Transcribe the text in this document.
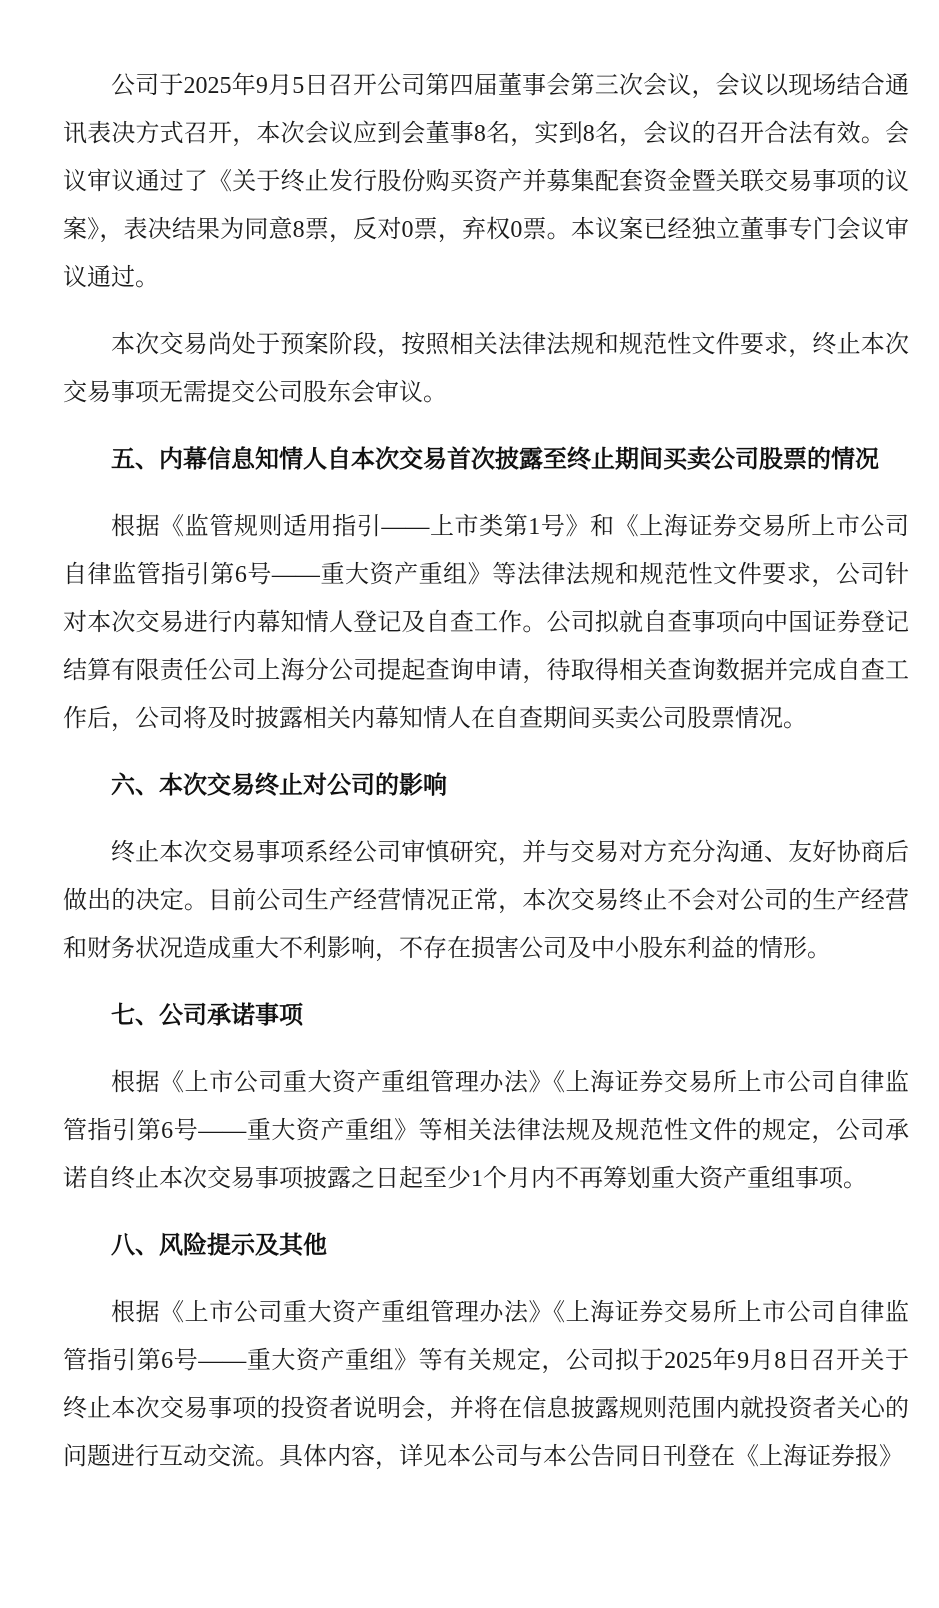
公司于2025年9月5日召开公司第四届董事会第三次会议，会议以现场结合通讯表决方式召开，本次会议应到会董事8名，实到8名，会议的召开合法有效。会议审议通过了《关于终止发行股份购买资产并募集配套资金暨关联交易事项的议案》，表决结果为同意8票，反对0票，弃权0票。本议案已经独立董事专门会议审议通过。

本次交易尚处于预案阶段，按照相关法律法规和规范性文件要求，终止本次交易事项无需提交公司股东会审议。

五、内幕信息知情人自本次交易首次披露至终止期间买卖公司股票的情况

根据《监管规则适用指引——上市类第1号》和《上海证券交易所上市公司自律监管指引第6号——重大资产重组》等法律法规和规范性文件要求，公司针对本次交易进行内幕知情人登记及自查工作。公司拟就自查事项向中国证券登记结算有限责任公司上海分公司提起查询申请，待取得相关查询数据并完成自查工作后，公司将及时披露相关内幕知情人在自查期间买卖公司股票情况。

六、本次交易终止对公司的影响

终止本次交易事项系经公司审慎研究，并与交易对方充分沟通、友好协商后做出的决定。目前公司生产经营情况正常，本次交易终止不会对公司的生产经营和财务状况造成重大不利影响，不存在损害公司及中小股东利益的情形。

七、公司承诺事项

根据《上市公司重大资产重组管理办法》《上海证券交易所上市公司自律监管指引第6号——重大资产重组》等相关法律法规及规范性文件的规定，公司承诺自终止本次交易事项披露之日起至少1个月内不再筹划重大资产重组事项。

八、风险提示及其他

根据《上市公司重大资产重组管理办法》《上海证券交易所上市公司自律监管指引第6号——重大资产重组》等有关规定，公司拟于2025年9月8日召开关于终止本次交易事项的投资者说明会，并将在信息披露规则范围内就投资者关心的问题进行互动交流。具体内容，详见本公司与本公告同日刊登在《上海证券报》
